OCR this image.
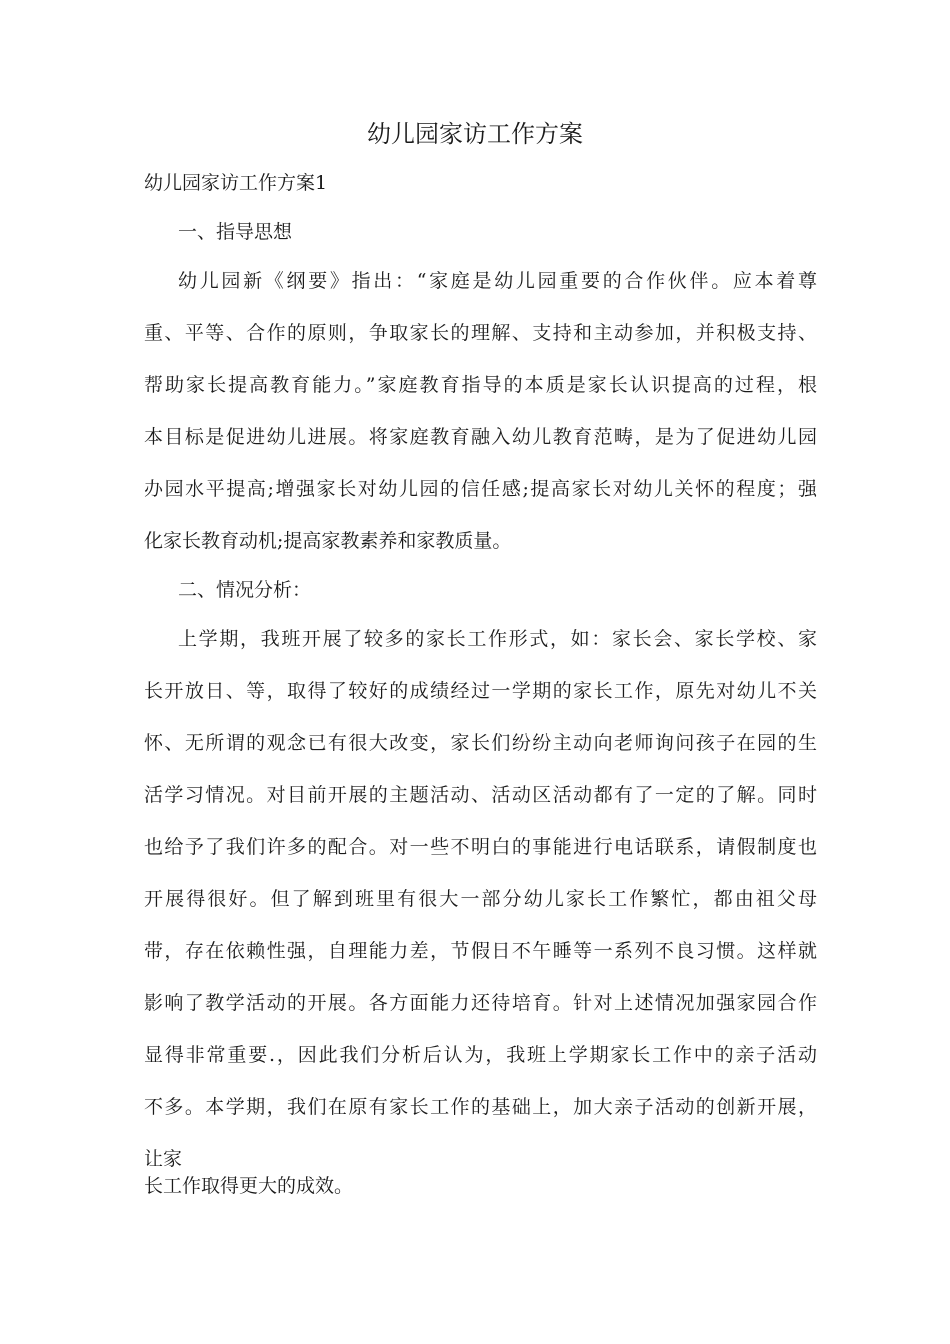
幼儿园家访工作方案
幼儿园家访工作方案1
一、指导思想
幼儿园新《纲要》指出：“家庭是幼儿园重要的合作伙伴。应本着尊
重、平等、合作的原则，争取家长的理解、支持和主动参加，并积极支持、
帮助家长提高教育能力。”家庭教育指导的本质是家长认识提高的过程，根
本目标是促进幼儿进展。将家庭教育融入幼儿教育范畴，是为了促进幼儿园
办园水平提高;增强家长对幼儿园的信任感;提高家长对幼儿关怀的程度；强
化家长教育动机;提高家教素养和家教质量。
二、情况分析：
上学期，我班开展了较多的家长工作形式，如：家长会、家长学校、家
长开放日、等，取得了较好的成绩经过一学期的家长工作，原先对幼儿不关
怀、无所谓的观念已有很大改变，家长们纷纷主动向老师询问孩子在园的生
活学习情况。对目前开展的主题活动、活动区活动都有了一定的了解。同时
也给予了我们许多的配合。对一些不明白的事能进行电话联系，请假制度也
开展得很好。但了解到班里有很大一部分幼儿家长工作繁忙，都由祖父母
带，存在依赖性强，自理能力差，节假日不午睡等一系列不良习惯。这样就
影响了教学活动的开展。各方面能力还待培育。针对上述情况加强家园合作
显得非常重要.，因此我们分析后认为，我班上学期家长工作中的亲子活动
不多。本学期，我们在原有家长工作的基础上，加大亲子活动的创新开展，
让家
长工作取得更大的成效。
